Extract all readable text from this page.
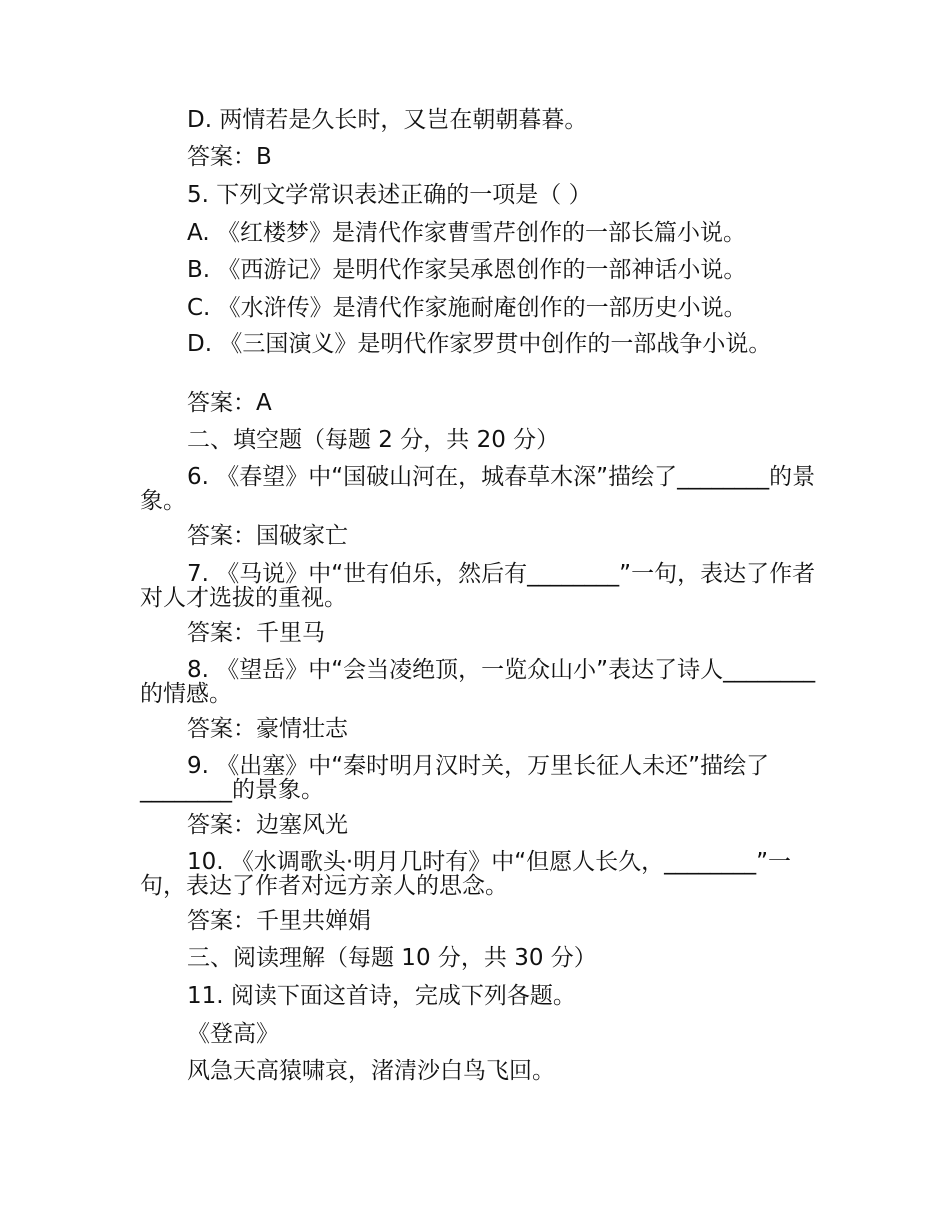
D. 两情若是久长时，又岂在朝朝暮暮。
答案：B
5. 下列文学常识表述正确的一项是（ ）
A. 《红楼梦》是清代作家曹雪芹创作的一部长篇小说。
B. 《西游记》是明代作家吴承恩创作的一部神话小说。
C. 《水浒传》是清代作家施耐庵创作的一部历史小说。
D. 《三国演义》是明代作家罗贯中创作的一部战争小说。
答案：A
二、填空题（每题 2 分，共 20 分）
6. 《春望》中“国破山河在，城春草木深”描绘了________的景象。
答案：国破家亡
7. 《马说》中“世有伯乐，然后有________”一句，表达了作者对人才选拔的重视。
答案：千里马
8. 《望岳》中“会当凌绝顶，一览众山小”表达了诗人________的情感。
答案：豪情壮志
9. 《出塞》中“秦时明月汉时关，万里长征人未还”描绘了________的景象。
答案：边塞风光
10. 《水调歌头·明月几时有》中“但愿人长久，________”一句，表达了作者对远方亲人的思念。
答案：千里共婵娟
三、阅读理解（每题 10 分，共 30 分）
11. 阅读下面这首诗，完成下列各题。
《登高》
风急天高猿啸哀，渚清沙白鸟飞回。
